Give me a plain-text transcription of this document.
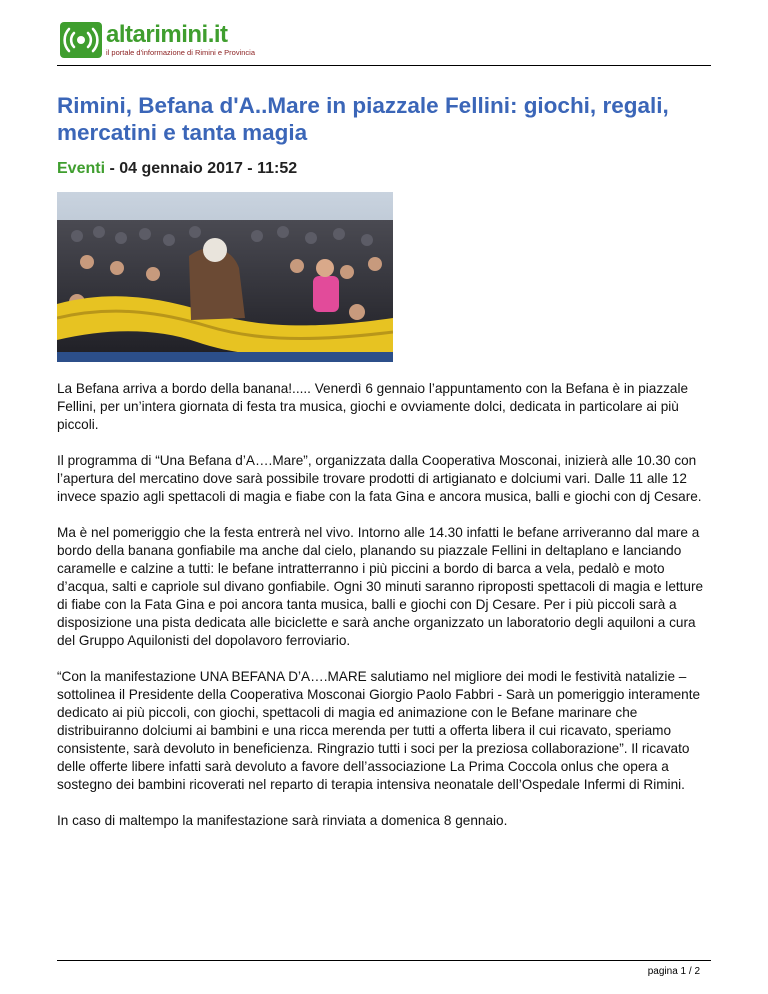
altarimini.it
il portale d'informazione di Rimini e Provincia
Rimini, Befana d'A..Mare in piazzale Fellini: giochi, regali, mercatini e tanta magia
Eventi - 04 gennaio 2017 - 11:52

La Befana arriva a bordo della banana!..... Venerdì 6 gennaio l’appuntamento con la Befana è in piazzale Fellini, per un’intera giornata di festa tra musica, giochi e ovviamente dolci, dedicata in particolare ai più piccoli.

Il programma di “Una Befana d’A….Mare”, organizzata dalla Cooperativa Mosconai, inizierà alle 10.30 con l’apertura del mercatino dove sarà possibile trovare prodotti di artigianato e dolciumi vari. Dalle 11 alle 12 invece spazio agli spettacoli di magia e fiabe con la fata Gina e ancora musica, balli e giochi con dj Cesare.

Ma è nel pomeriggio che la festa entrerà nel vivo. Intorno alle 14.30 infatti le befane arriveranno dal mare a bordo della banana gonfiabile ma anche dal cielo, planando su piazzale Fellini in deltaplano e lanciando caramelle e calzine a tutti: le befane intratterranno i più piccini a bordo di barca a vela, pedalò e moto d’acqua, salti e capriole sul divano gonfiabile. Ogni 30 minuti saranno riproposti spettacoli di magia e letture di fiabe con la Fata Gina e poi ancora tanta musica, balli e giochi con Dj Cesare. Per i più piccoli sarà a disposizione una pista dedicata alle biciclette e sarà anche organizzato un laboratorio degli aquiloni a cura del Gruppo Aquilonisti del dopolavoro ferroviario.

“Con la manifestazione UNA BEFANA D’A….MARE salutiamo nel migliore dei modi le festività natalizie – sottolinea il Presidente della Cooperativa Mosconai Giorgio Paolo Fabbri - Sarà un pomeriggio interamente dedicato ai più piccoli, con giochi, spettacoli di magia ed animazione con le Befane marinare che distribuiranno dolciumi ai bambini e una ricca merenda per tutti a offerta libera il cui ricavato, speriamo consistente, sarà devoluto in beneficienza. Ringrazio tutti i soci per la preziosa collaborazione”. Il ricavato delle offerte libere infatti sarà devoluto a favore dell’associazione La Prima Coccola onlus che opera a sostegno dei bambini ricoverati nel reparto di terapia intensiva neonatale dell’Ospedale Infermi di Rimini.

In caso di maltempo la manifestazione sarà rinviata a domenica 8 gennaio.

pagina 1 / 2
